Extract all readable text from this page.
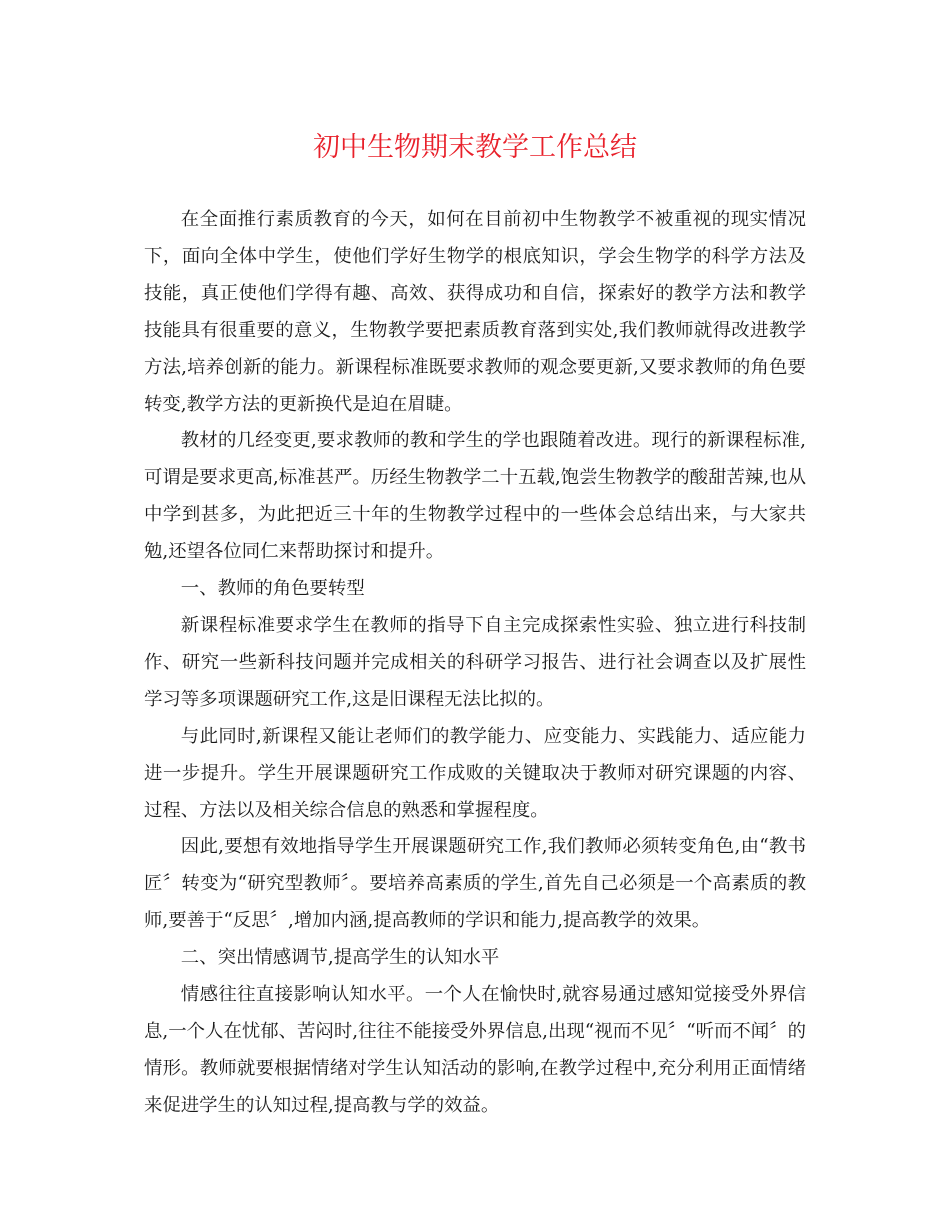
初中生物期末教学工作总结

在全面推行素质教育的今天，如何在目前初中生物教学不被重视的现实情况下，面向全体中学生，使他们学好生物学的根底知识，学会生物学的科学方法及技能，真正使他们学得有趣、高效、获得成功和自信，探索好的教学方法和教学技能具有很重要的意义，生物教学要把素质教育落到实处,我们教师就得改进教学方法,培养创新的能力。新课程标准既要求教师的观念要更新,又要求教师的角色要转变,教学方法的更新换代是迫在眉睫。

教材的几经变更,要求教师的教和学生的学也跟随着改进。现行的新课程标准,可谓是要求更高,标准甚严。历经生物教学二十五载,饱尝生物教学的酸甜苦辣,也从中学到甚多，为此把近三十年的生物教学过程中的一些体会总结出来，与大家共勉,还望各位同仁来帮助探讨和提升。

一、教师的角色要转型

新课程标准要求学生在教师的指导下自主完成探索性实验、独立进行科技制作、研究一些新科技问题并完成相关的科研学习报告、进行社会调查以及扩展性学习等多项课题研究工作,这是旧课程无法比拟的。

与此同时,新课程又能让老师们的教学能力、应变能力、实践能力、适应能力进一步提升。学生开展课题研究工作成败的关键取决于教师对研究课题的内容、过程、方法以及相关综合信息的熟悉和掌握程度。

因此,要想有效地指导学生开展课题研究工作,我们教师必须转变角色,由“教书匠〞转变为“研究型教师〞。要培养高素质的学生,首先自己必须是一个高素质的教师,要善于“反思〞,增加内涵,提高教师的学识和能力,提高教学的效果。

二、突出情感调节,提高学生的认知水平

情感往往直接影响认知水平。一个人在愉快时,就容易通过感知觉接受外界信息,一个人在忧郁、苦闷时,往往不能接受外界信息,出现“视而不见〞“听而不闻〞的情形。教师就要根据情绪对学生认知活动的影响,在教学过程中,充分利用正面情绪来促进学生的认知过程,提高教与学的效益。
